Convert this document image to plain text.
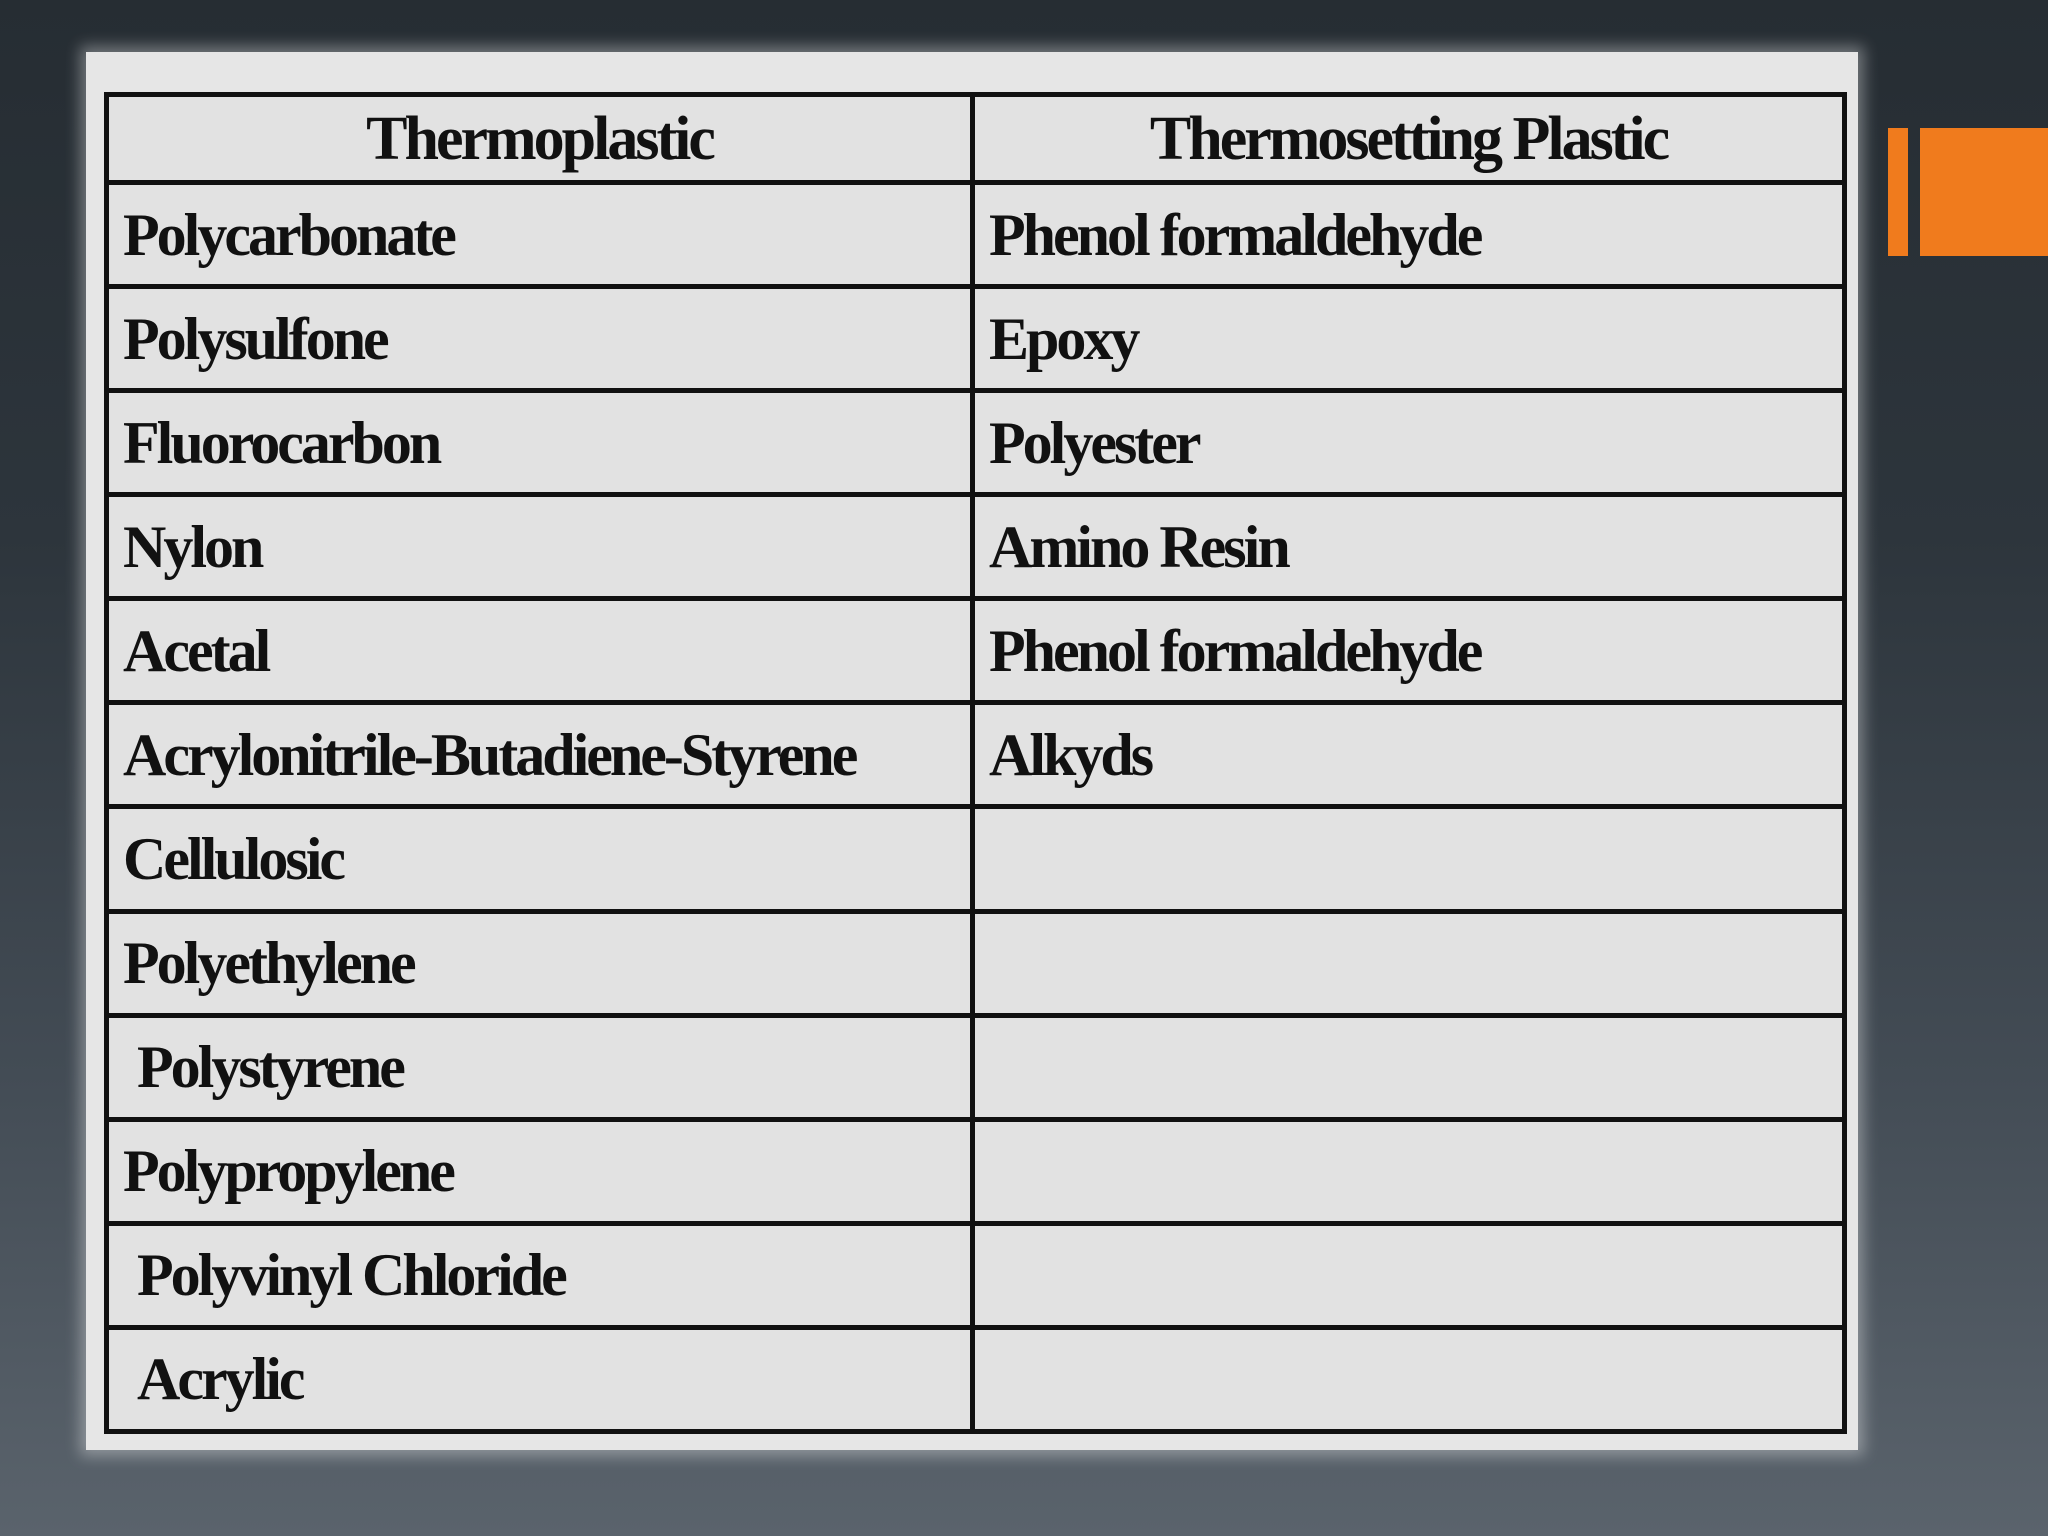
Thermoplastic	Thermosetting Plastic
Polycarbonate	Phenol formaldehyde
Polysulfone	Epoxy
Fluorocarbon	Polyester
Nylon	Amino Resin
Acetal	Phenol formaldehyde
Acrylonitrile-Butadiene-Styrene	Alkyds
Cellulosic	
Polyethylene	
Polystyrene	
Polypropylene	
Polyvinyl Chloride	
Acrylic	
